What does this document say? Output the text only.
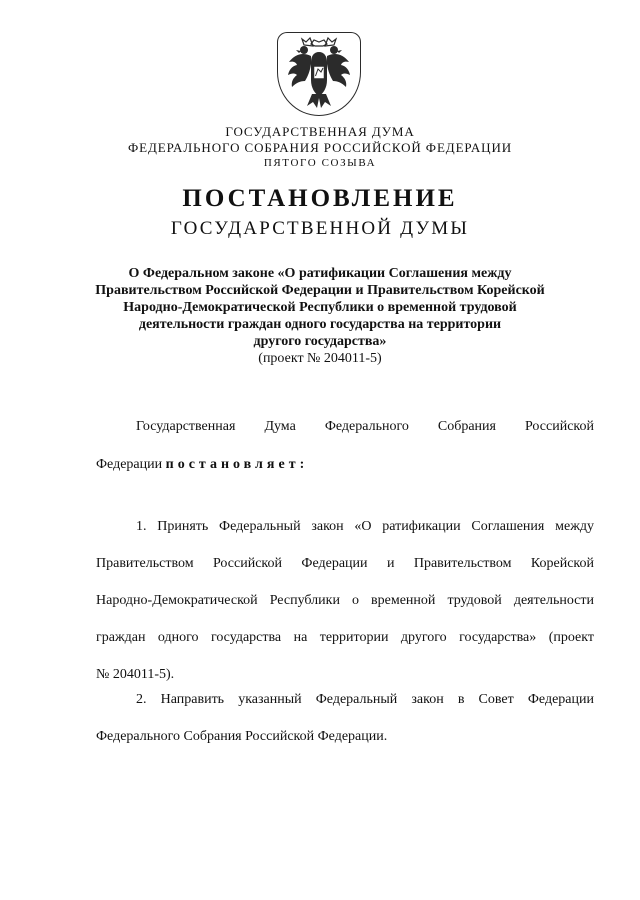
ГОСУДАРСТВЕННАЯ ДУМА
ФЕДЕРАЛЬНОГО СОБРАНИЯ РОССИЙСКОЙ ФЕДЕРАЦИИ
ПЯТОГО СОЗЫВА
ПОСТАНОВЛЕНИЕ
ГОСУДАРСТВЕННОЙ ДУМЫ
О Федеральном законе «О ратификации Соглашения между
Правительством Российской Федерации и Правительством Корейской
Народно-Демократической Республики о временной трудовой
деятельности граждан одного государства на территории
другого государства»
(проект № 204011-5)
Государственная Дума Федерального Собрания Российской
Федерации постановляет:
1. Принять Федеральный закон «О ратификации Соглашения между
Правительством Российской Федерации и Правительством Корейской
Народно-Демократической Республики о временной трудовой деятельности
граждан одного государства на территории другого государства» (проект
№ 204011-5).
2. Направить указанный Федеральный закон в Совет Федерации
Федерального Собрания Российской Федерации.
